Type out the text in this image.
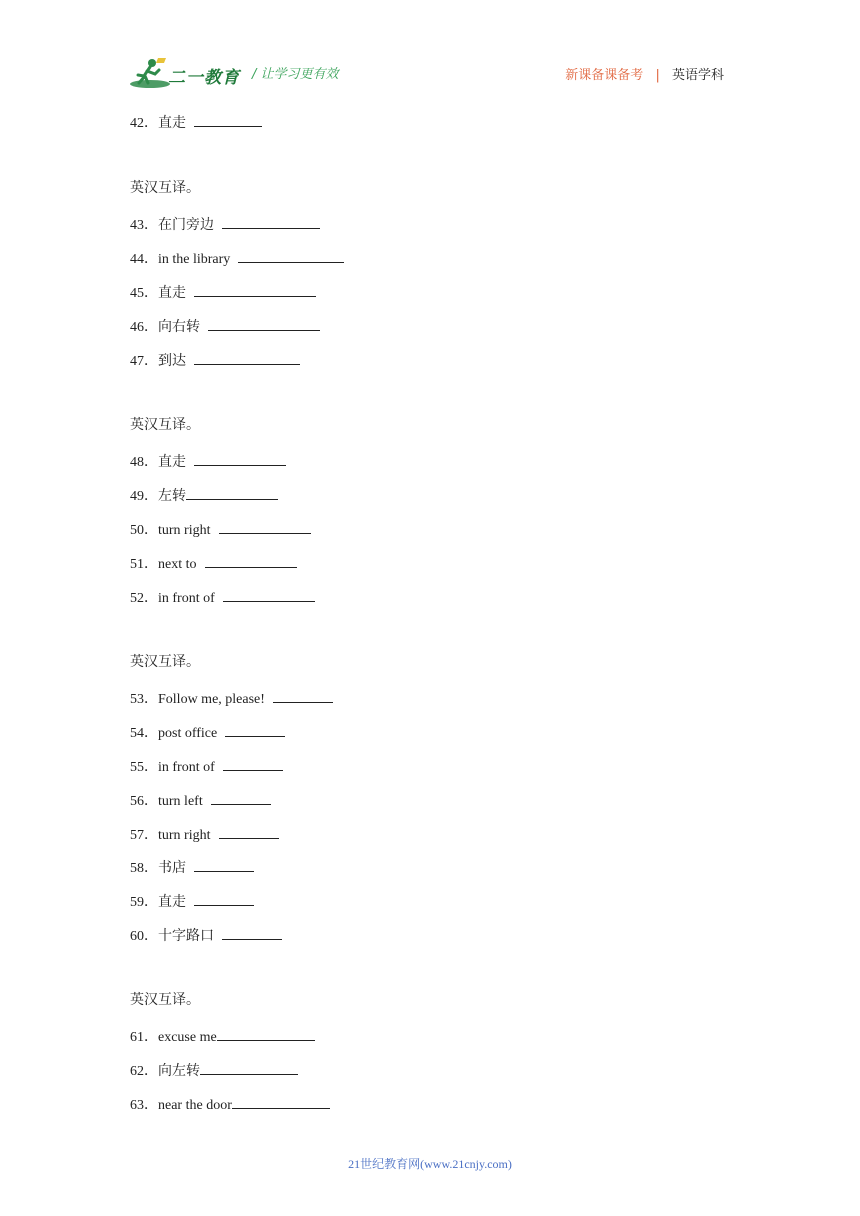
二一教育 / 让学习更有效	新课备课备考 | 英语学科
42．直走
英汉互译。
43．在门旁边
44．in the library
45．直走
46．向右转
47．到达
英汉互译。
48．直走
49．左转
50．turn right
51．next to
52．in front of
英汉互译。
53．Follow me, please!
54．post office
55．in front of
56．turn left
57．turn right
58．书店
59．直走
60．十字路口
英汉互译。
61．excuse me
62．向左转
63．near the door
21世纪教育网(www.21cnjy.com)
